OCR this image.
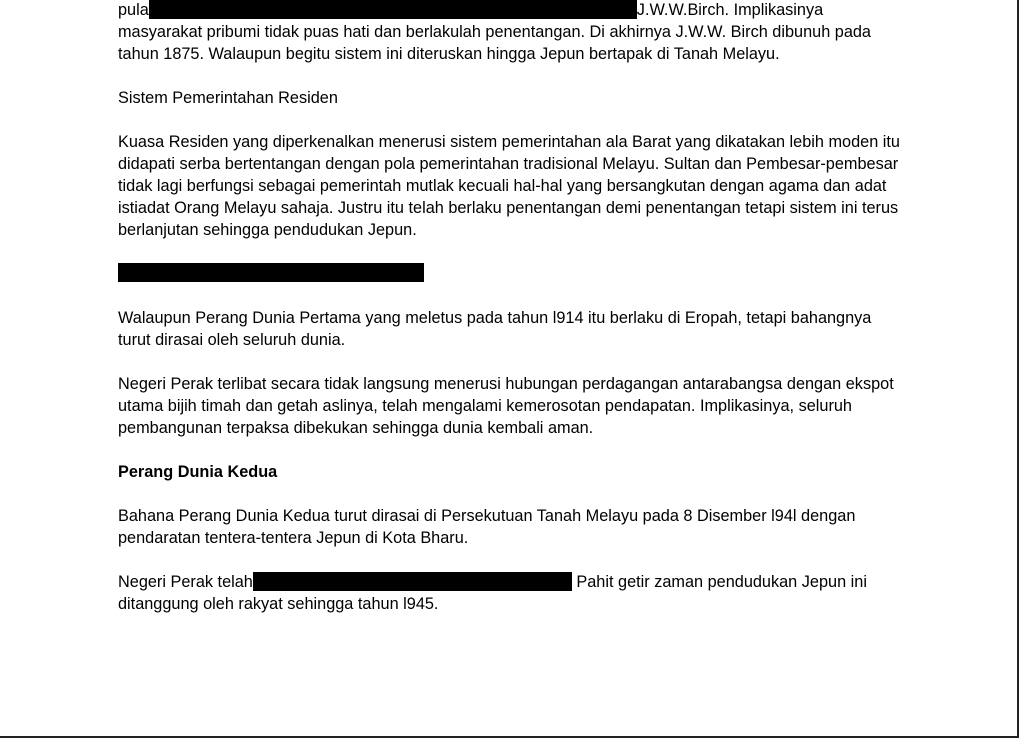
pula	J.W.W.Birch. Implikasinya masyarakat pribumi tidak puas hati dan berlakulah penentangan. Di akhirnya J.W.W. Birch dibunuh pada tahun 1875. Walaupun begitu sistem ini diteruskan hingga Jepun bertapak di Tanah Melayu.

Sistem Pemerintahan Residen

Kuasa Residen yang diperkenalkan menerusi sistem pemerintahan ala Barat yang dikatakan lebih moden itu didapati serba bertentangan dengan pola pemerintahan tradisional Melayu. Sultan dan Pembesar-pembesar tidak lagi berfungsi sebagai pemerintah mutlak kecuali hal-hal yang bersangkutan dengan agama dan adat istiadat Orang Melayu sahaja. Justru itu telah berlaku penentangan demi penentangan tetapi sistem ini terus berlanjutan sehingga pendudukan Jepun.

Walaupun Perang Dunia Pertama yang meletus pada tahun l914 itu berlaku di Eropah, tetapi bahangnya turut dirasai oleh seluruh dunia.

Negeri Perak terlibat secara tidak langsung menerusi hubungan perdagangan antarabangsa dengan ekspot utama bijih timah dan getah aslinya, telah mengalami kemerosotan pendapatan. Implikasinya, seluruh pembangunan terpaksa dibekukan sehingga dunia kembali aman.

Perang Dunia Kedua

Bahana Perang Dunia Kedua turut dirasai di Persekutuan Tanah Melayu pada 8 Disember l94l dengan pendaratan tentera-tentera Jepun di Kota Bharu.

Negeri Perak telah	Pahit getir zaman pendudukan Jepun ini ditanggung oleh rakyat sehingga tahun l945.
